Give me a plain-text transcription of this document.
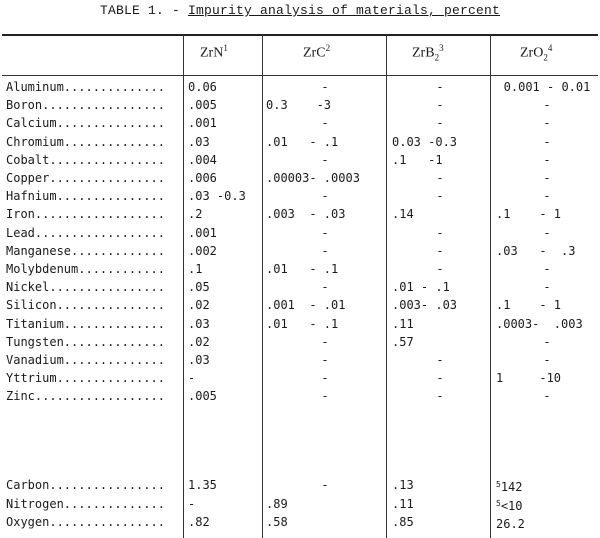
TABLE 1. - Impurity analysis of materials, percent
ZrN$^1$	ZrC$^2$	ZrB$_2^3$	ZrO$_2^4$
Aluminum.............. 0.06	-	-	0.001 - 0.01
Boron................. .005	0.3    -3	-	-
Calcium............... .001	-	-	-
Chromium.............. .03	.01   - .1	0.03 -0.3	-
Cobalt................ .004	-	.1   -1	-
Copper................ .006	.00003- .0003	-	-
Hafnium............... .03 -0.3	-	-	-
Iron.................. .2	.003  - .03	.14	.1    - 1
Lead.................. .001	-	-	-
Manganese............. .002	-	-	.03   -  .3
Molybdenum............ .1	.01   - .1	-	-
Nickel................ .05	-	.01 - .1	-
Silicon............... .02	.001  - .01	.003- .03	.1    - 1
Titanium.............. .03	.01   - .1	.11	.0003-  .003
Tungsten.............. .02	-	.57	-
Vanadium.............. .03	-	-	-
Yttrium............... -	-	-	1     -10
Zinc.................. .005	-	-	-
Carbon................ 1.35	-	.13	$^5$142
Nitrogen.............. -	.89	.11	$^5$<10
Oxygen................ .82	.58	.85	26.2
